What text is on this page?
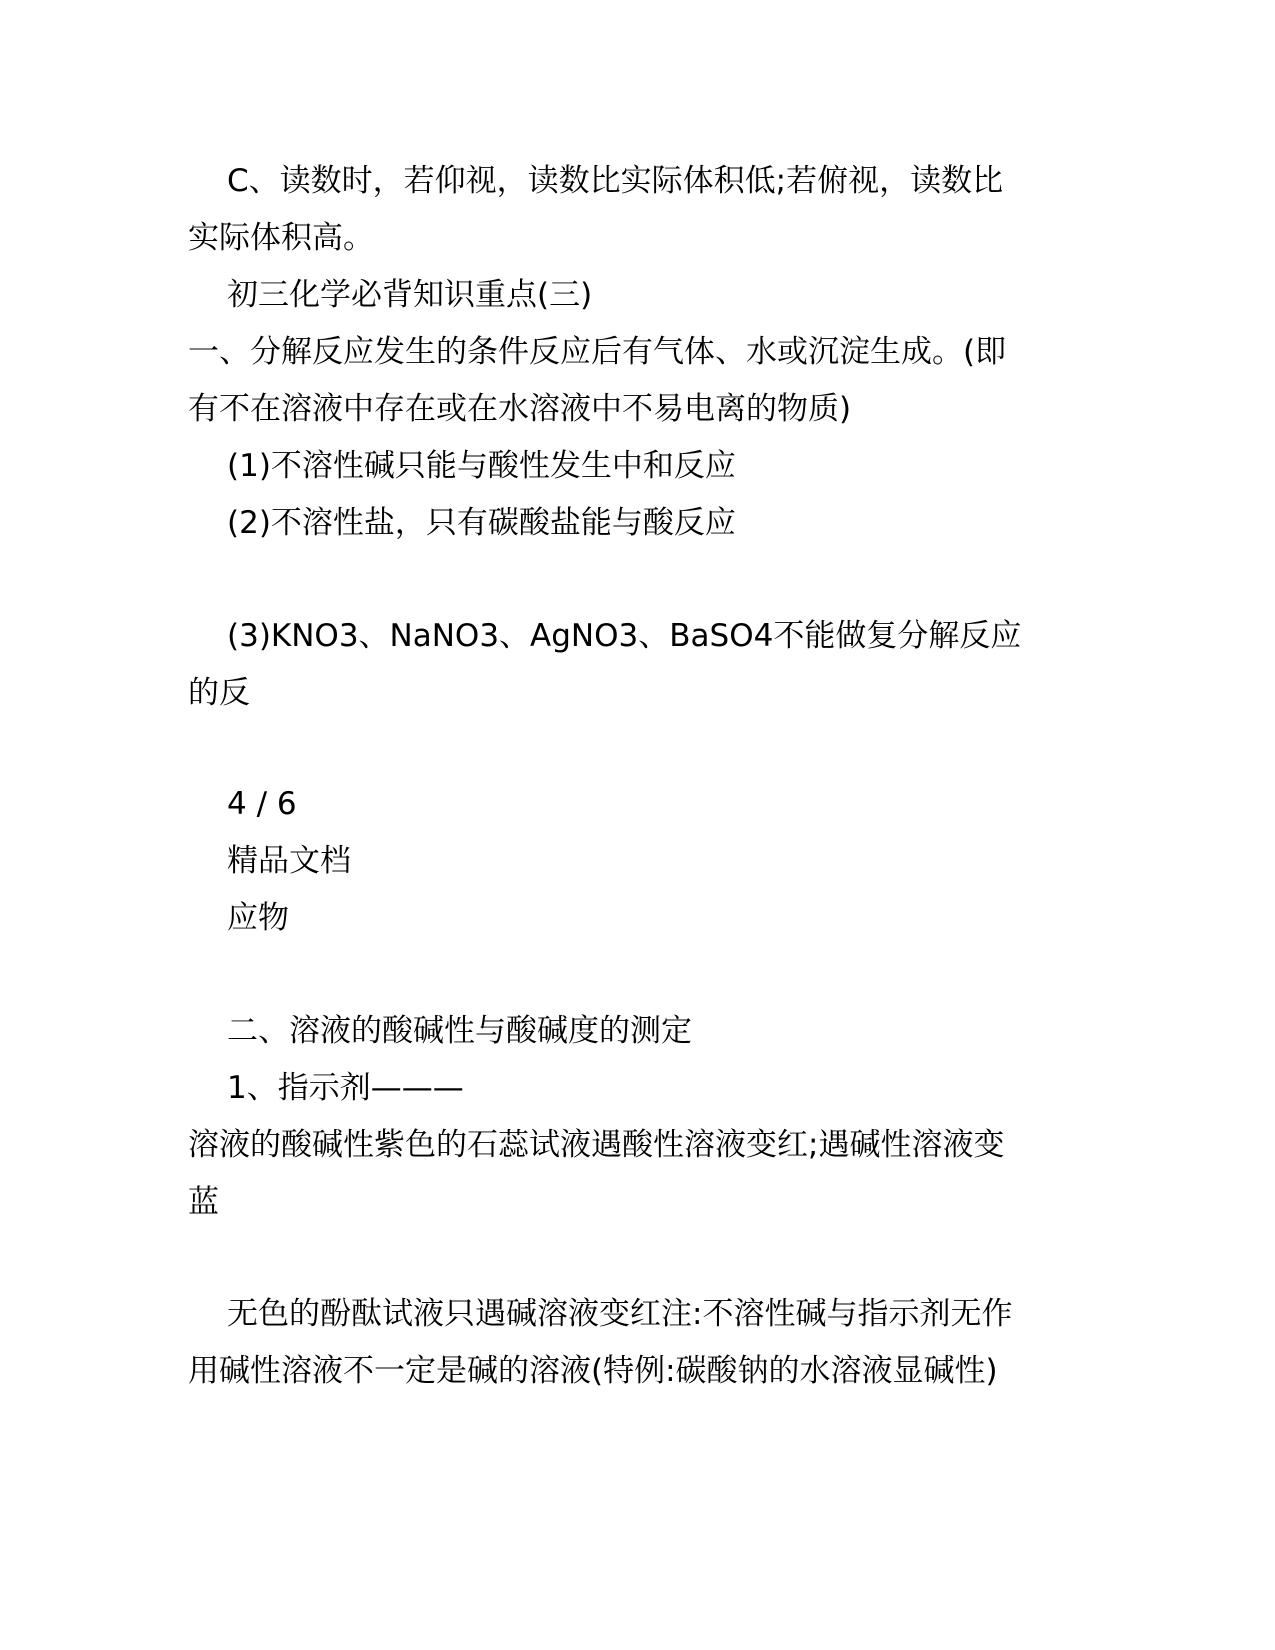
C、读数时，若仰视，读数比实际体积低;若俯视，读数比

实际体积高。

初三化学必背知识重点(三)

一、分解反应发生的条件反应后有气体、水或沉淀生成。(即

有不在溶液中存在或在水溶液中不易电离的物质)

(1)不溶性碱只能与酸性发生中和反应

(2)不溶性盐，只有碳酸盐能与酸反应

(3)KNO3、NaNO3、AgNO3、BaSO4不能做复分解反应

的反

4 / 6

精品文档

应物

二、溶液的酸碱性与酸碱度的测定

1、指示剂———

溶液的酸碱性紫色的石蕊试液遇酸性溶液变红;遇碱性溶液变

蓝

无色的酚酞试液只遇碱溶液变红注:不溶性碱与指示剂无作

用碱性溶液不一定是碱的溶液(特例:碳酸钠的水溶液显碱性)
